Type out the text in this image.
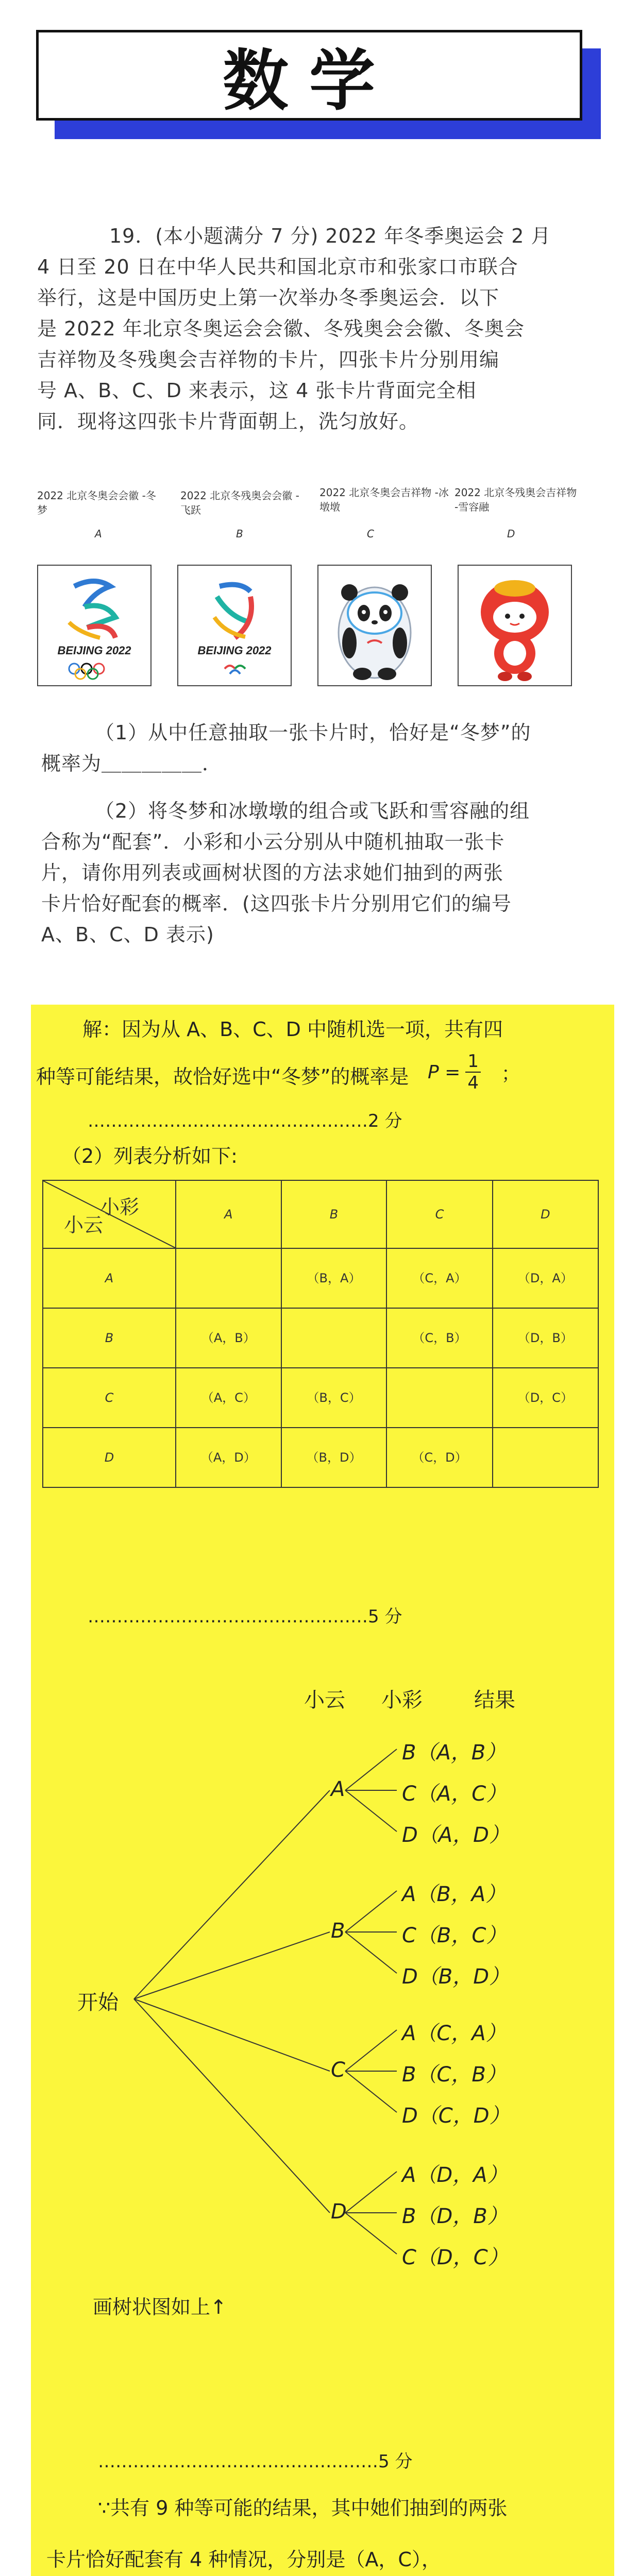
数学
19．(本小题满分 7 分) 2022 年冬季奥运会 2 月
4 日至 20 日在中华人民共和国北京市和张家口市联合
举行，这是中国历史上第一次举办冬季奥运会．以下
是 2022 年北京冬奥运会会徽、冬残奥会会徽、冬奥会
吉祥物及冬残奥会吉祥物的卡片，四张卡片分别用编
号 A、B、C、D 来表示，这 4 张卡片背面完全相
同．现将这四张卡片背面朝上，洗匀放好。
2022 北京冬奥会会徽 -冬梦
A
2022 北京冬残奥会会徽 -飞跃
B
2022 北京冬奥会吉祥物 -冰墩墩
C
2022 北京冬残奥会吉祥物 -雪容融
D
BEIJING 2022	BEIJING 2022
（1）从中任意抽取一张卡片时，恰好是“冬梦”的
概率为＿＿＿＿＿．
（2）将冬梦和冰墩墩的组合或飞跃和雪容融的组
合称为“配套”．小彩和小云分别从中随机抽取一张卡
片，请你用列表或画树状图的方法求她们抽到的两张
卡片恰好配套的概率．(这四张卡片分别用它们的编号
A、B、C、D 表示)
解：因为从 A、B、C、D 中随机选一项，共有四
种等可能结果，故恰好选中“冬梦”的概率是 $P = \frac{1}{4}$ ；
…………………………………………2 分
（2）列表分析如下:
小彩
小云	A	B	C	D
A		（B，A）	（C，A）	（D，A）
B	（A，B）		（C，B）	（D，B）
C	（A，C）	（B，C）		（D，C）
D	（A，D）	（B，D）	（C，D）	
…………………………………………5 分
小云 小彩	结果
开始
A
B
C
D
B（A，B）
C（A，C）
D（A，D）
A（B，A）
C（B，C）
D（B，D）
A（C，A）
B（C，B）
D（C，D）
A（D，A）
B（D，B）
C（D，C）
画树状图如上↑
…………………………………………5 分
∵共有 9 种等可能的结果，其中她们抽到的两张
卡片恰好配套有 4 种情况，分别是（A，C），
